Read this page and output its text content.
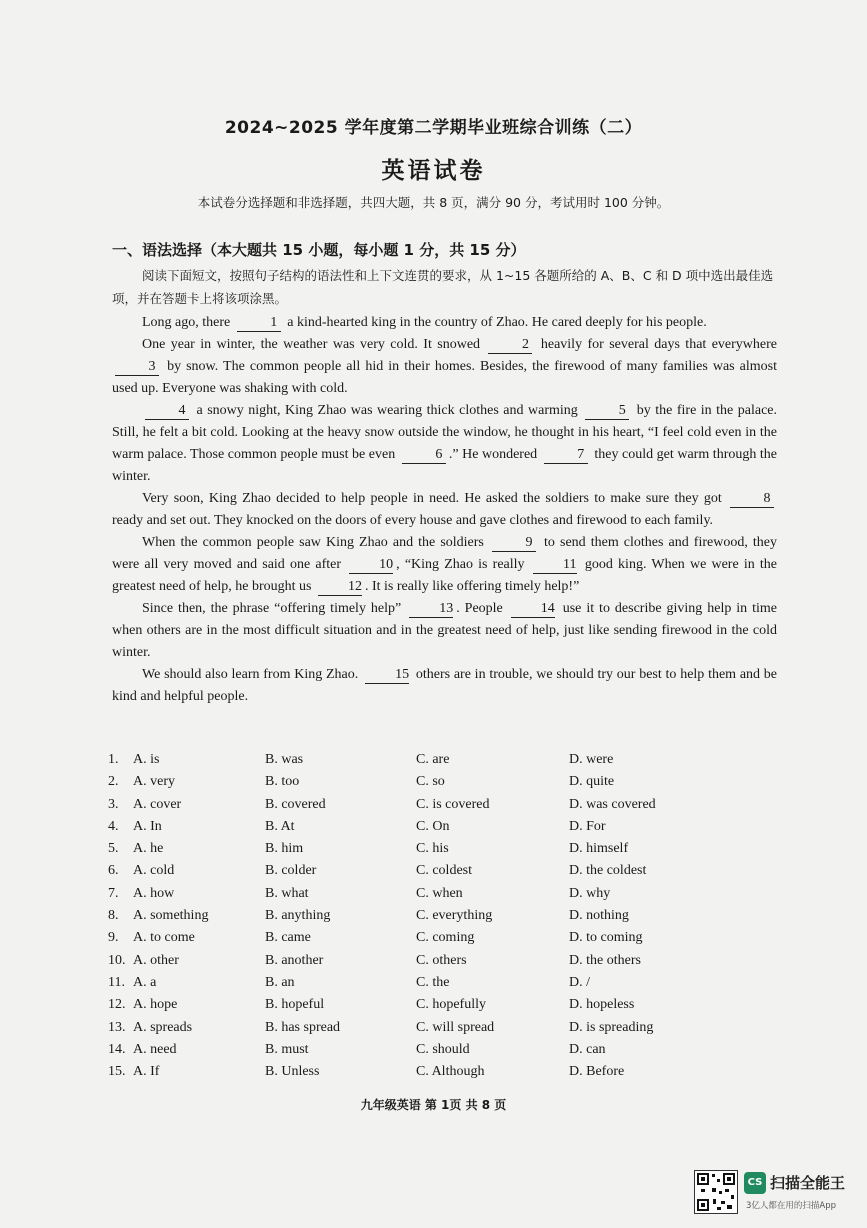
2024~2025 学年度第二学期毕业班综合训练（二）
英语试卷
本试卷分选择题和非选择题，共四大题，共 8 页，满分 90 分，考试用时 100 分钟。
一、语法选择（本大题共 15 小题，每小题 1 分，共 15 分）
阅读下面短文，按照句子结构的语法性和上下文连贯的要求，从 1~15 各题所给的 A、B、C 和 D 项中选出最佳选项，并在答题卡上将该项涂黑。

Long ago, there	1 a kind-hearted king in the country of Zhao. He cared deeply for his people.

One year in winter, the weather was very cold. It snowed	2 heavily for several days that everywhere 3 by snow. The common people all hid in their homes. Besides, the firewood of many families was almost used up. Everyone was shaking with cold.

4 a snowy night, King Zhao was wearing thick clothes and warming	5 by the fire in the palace. Still, he felt a bit cold. Looking at the heavy snow outside the window, he thought in his heart, “I feel cold even in the warm palace. Those common people must be even	6 .” He wondered	7 they could get warm through the winter.

Very soon, King Zhao decided to help people in need. He asked the soldiers to make sure they got	8 ready and set out. They knocked on the doors of every house and gave clothes and firewood to each family.

When the common people saw King Zhao and the soldiers	9 to send them clothes and firewood, they were all very moved and said one after	10 , “King Zhao is really	11 good king. When we were in the greatest need of help, he brought us	12 . It is really like offering timely help!”

Since then, the phrase “offering timely help”	13 . People	14 use it to describe giving help in time when others are in the most difficult situation and in the greatest need of help, just like sending firewood in the cold winter.

We should also learn from King Zhao.	15 others are in trouble, we should try our best to help them and be kind and helpful people.

1.	A. is	B. was	C. are	D. were
2.	A. very	B. too	C. so	D. quite
3.	A. cover	B. covered	C. is covered	D. was covered
4.	A. In	B. At	C. On	D. For
5.	A. he	B. him	C. his	D. himself
6.	A. cold	B. colder	C. coldest	D. the coldest
7.	A. how	B. what	C. when	D. why
8.	A. something	B. anything	C. everything	D. nothing
9.	A. to come	B. came	C. coming	D. to coming
10. A. other	B. another	C. others	D. the others
11. A. a	B. an	C. the	D. /
12. A. hope	B. hopeful	C. hopefully	D. hopeless
13. A. spreads	B. has spread	C. will spread	D. is spreading
14. A. need	B. must	C. should	D. can
15. A. If	B. Unless	C. Although	D. Before
九年级英语 第 1页 共 8 页
CS 扫描全能王
3亿人都在用的扫描App
